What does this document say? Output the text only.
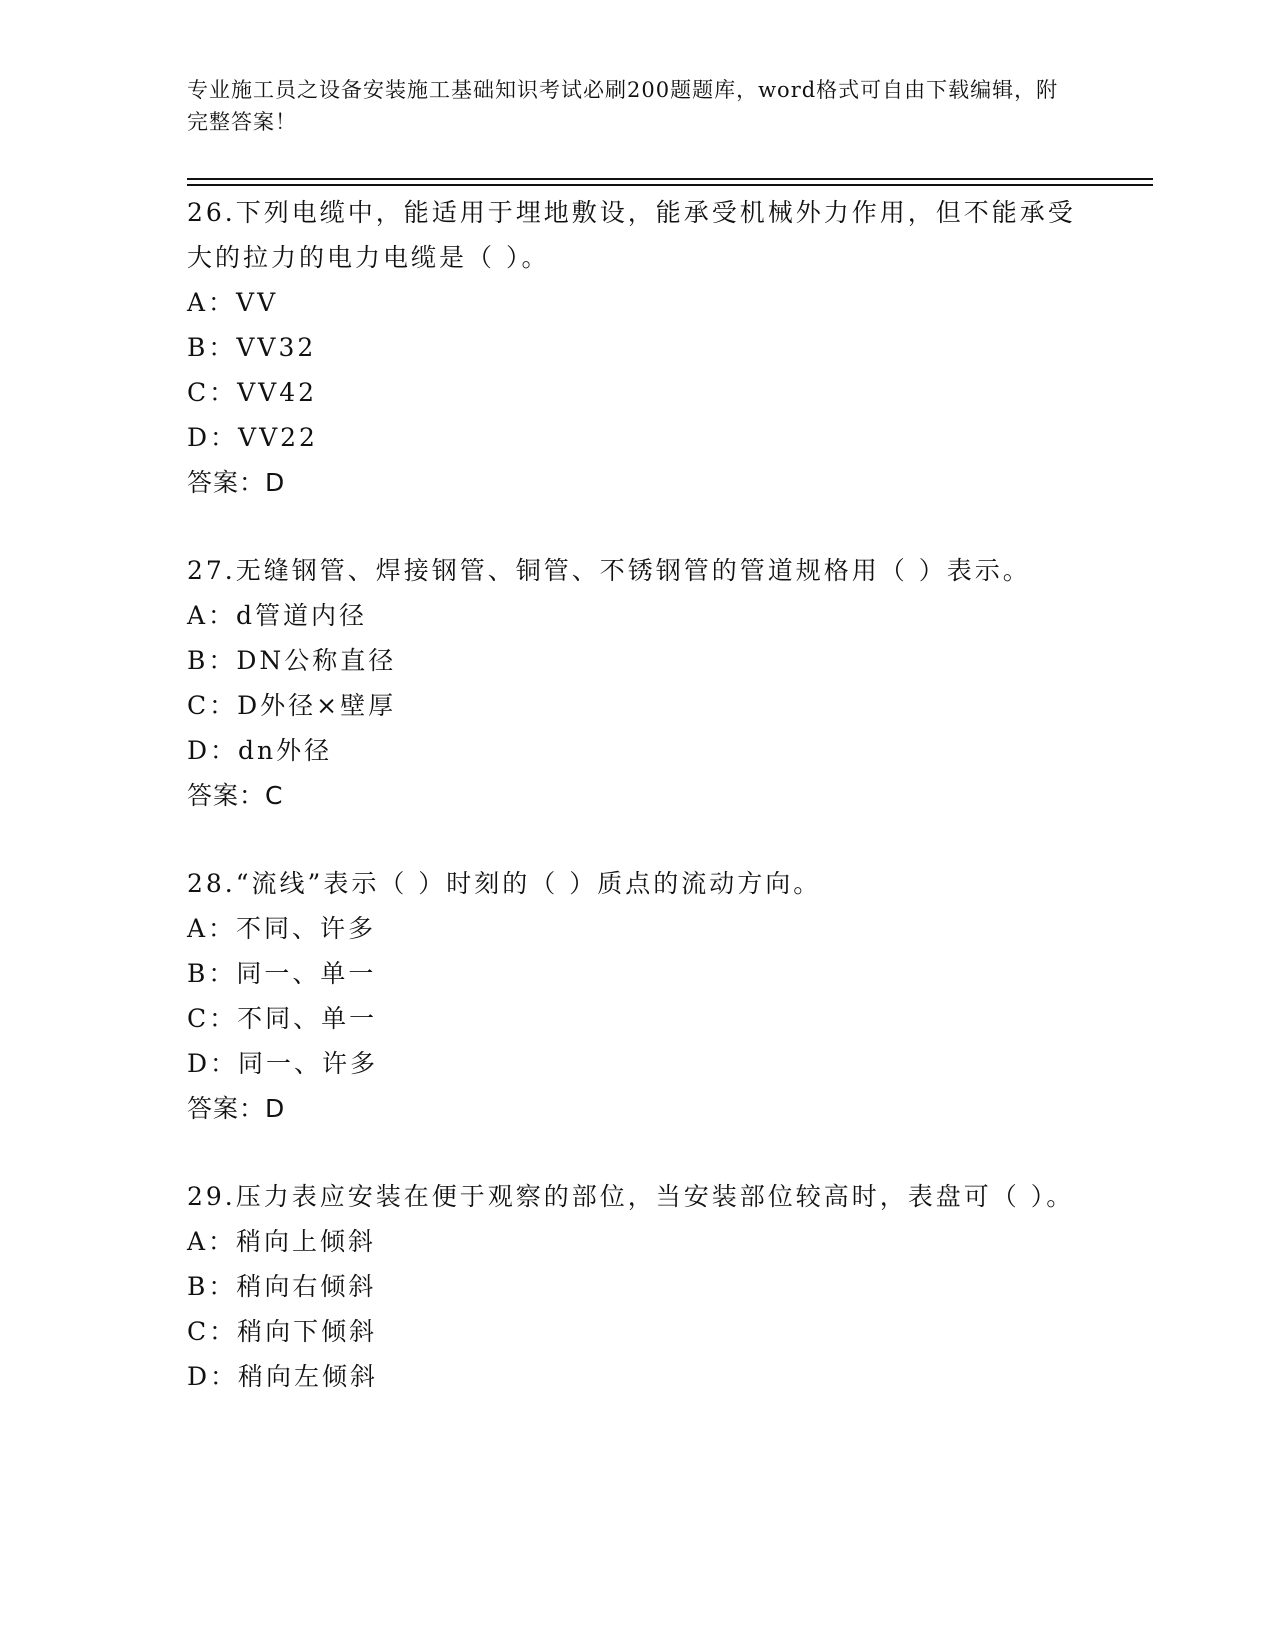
专业施工员之设备安装施工基础知识考试必刷200题题库，word格式可自由下载编辑，附完整答案！

26.下列电缆中，能适用于埋地敷设，能承受机械外力作用，但不能承受大的拉力的电力电缆是（ ）。

A：VV

B：VV32

C：VV42

D：VV22

答案：D

27.无缝钢管、焊接钢管、铜管、不锈钢管的管道规格用（ ）表示。

A：d管道内径

B：DN公称直径

C：D外径×壁厚

D：dn外径

答案：C

28.“流线”表示（ ）时刻的（ ）质点的流动方向。

A：不同、许多

B：同一、单一

C：不同、单一

D：同一、许多

答案：D

29.压力表应安装在便于观察的部位，当安装部位较高时，表盘可（ ）。

A：稍向上倾斜

B：稍向右倾斜

C：稍向下倾斜

D：稍向左倾斜
